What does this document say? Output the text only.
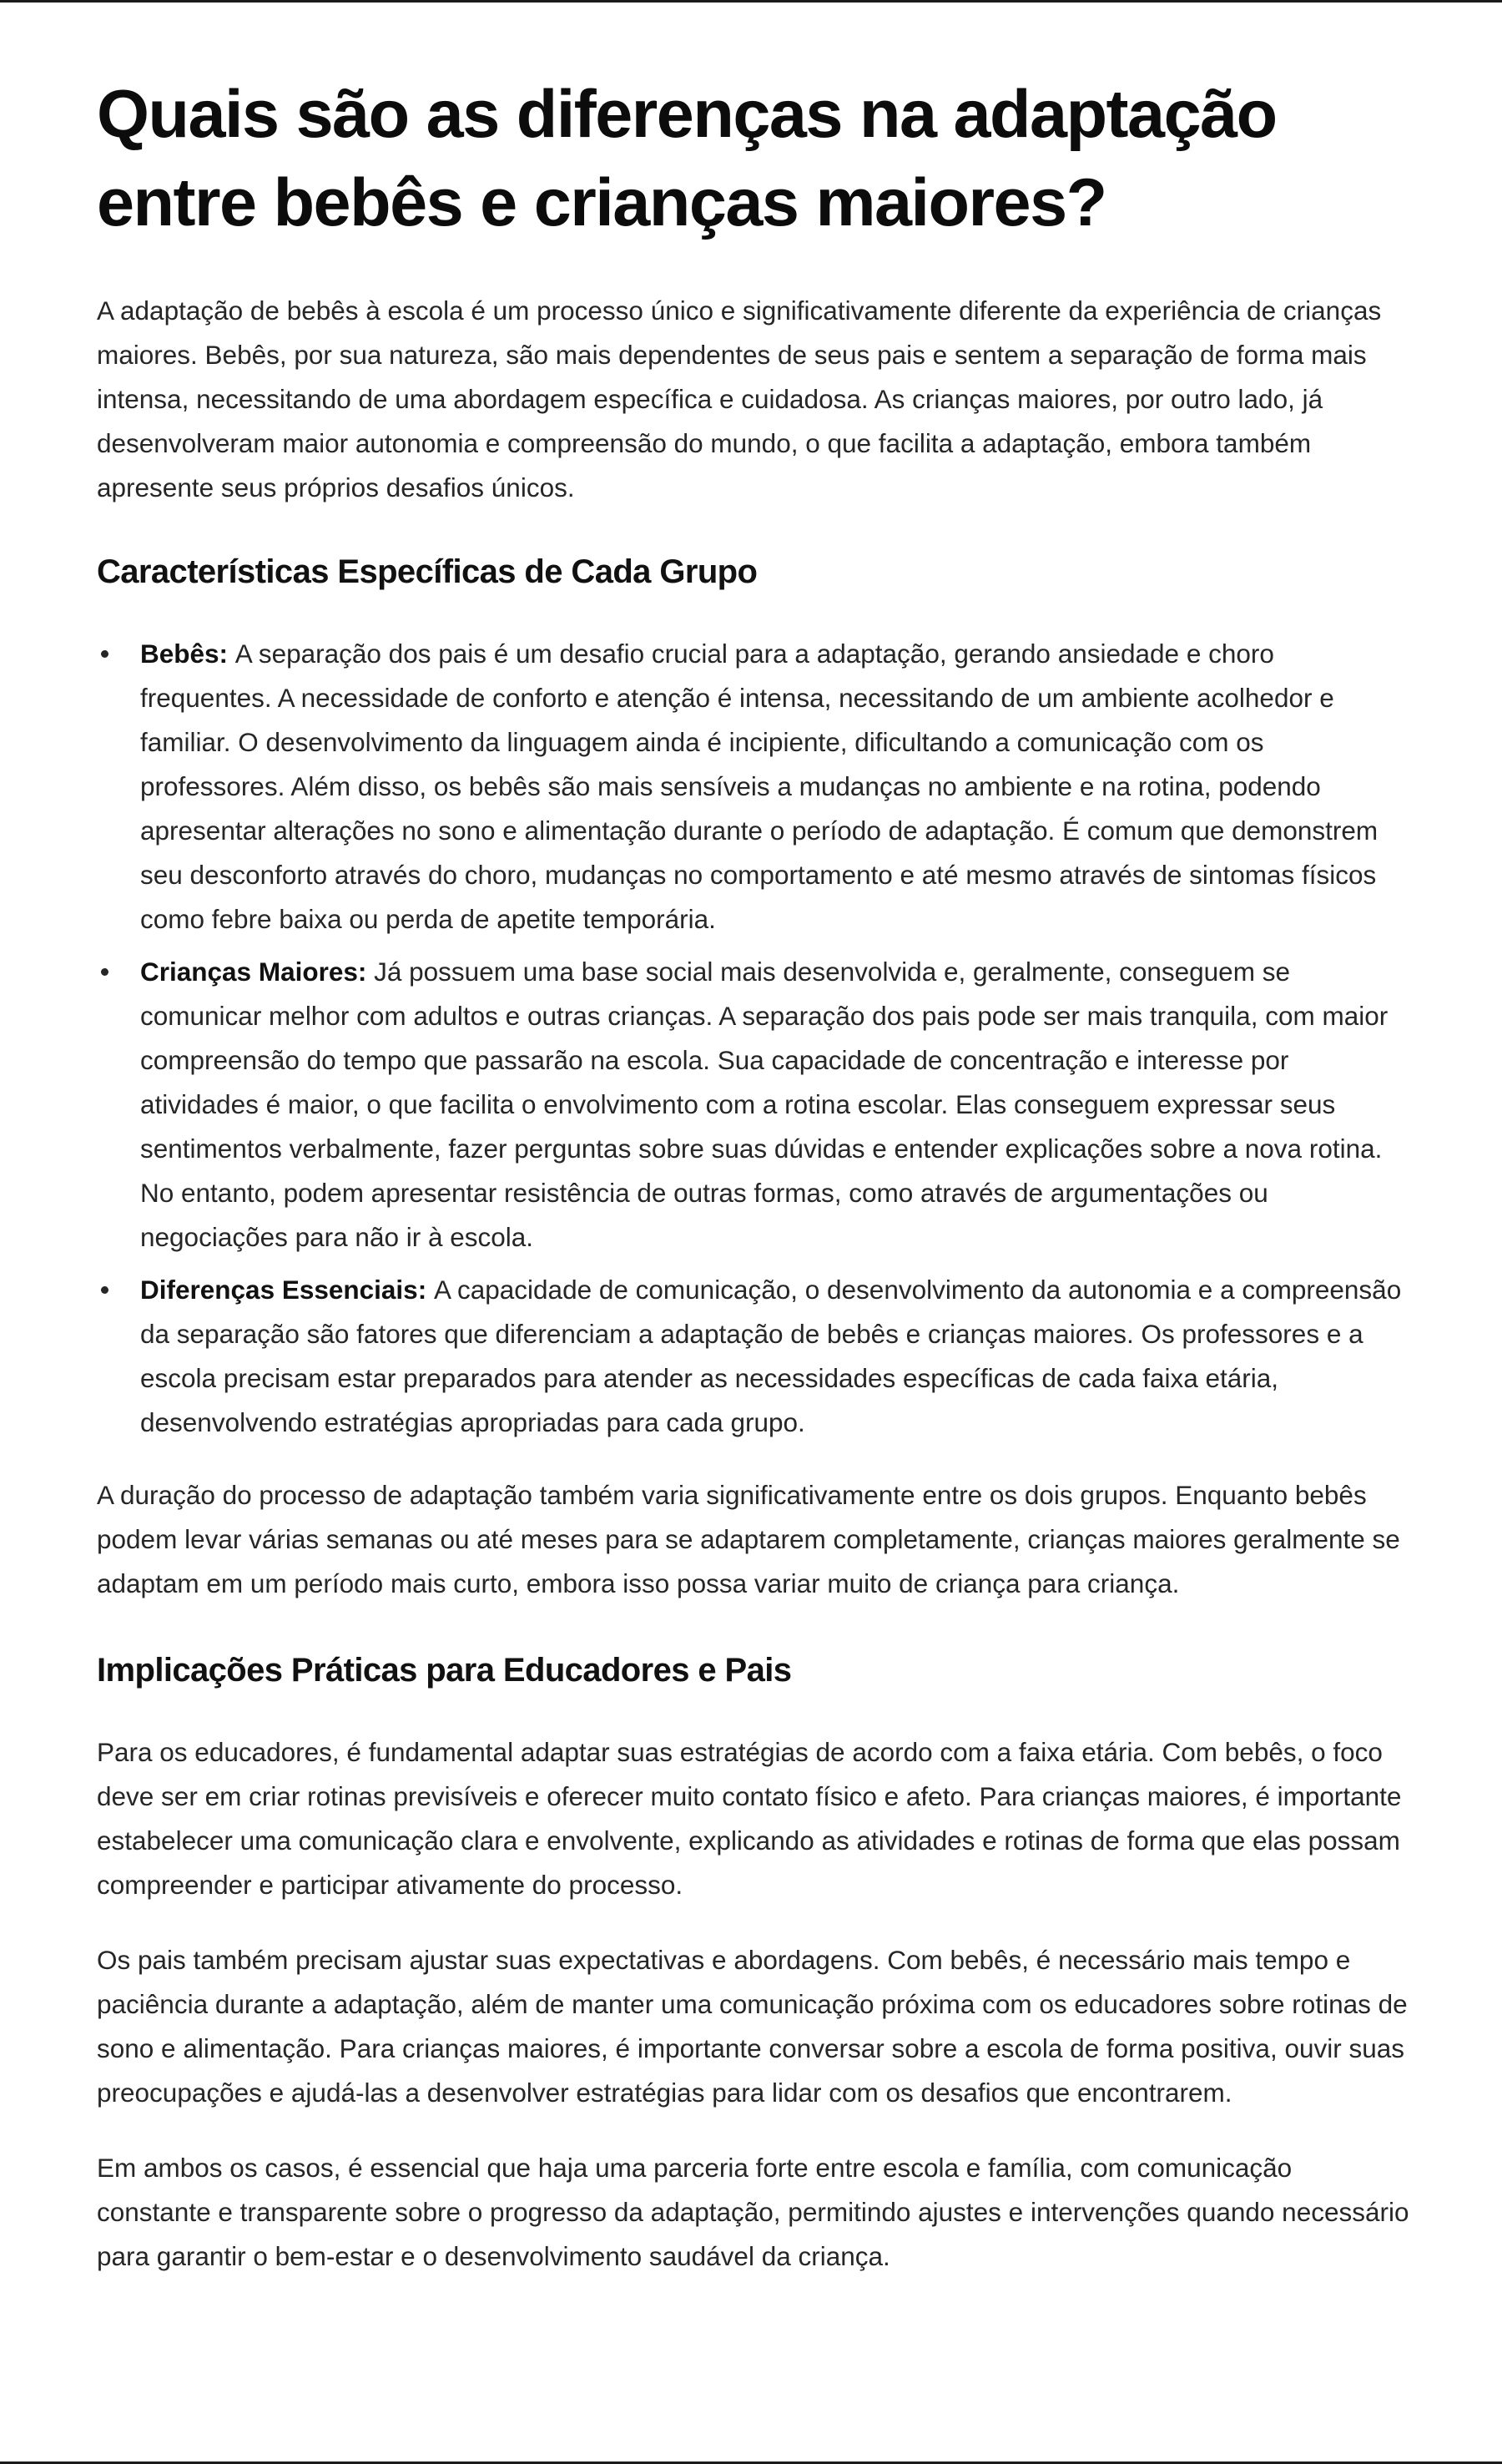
Quais são as diferenças na adaptação entre bebês e crianças maiores?

A adaptação de bebês à escola é um processo único e significativamente diferente da experiência de crianças maiores. Bebês, por sua natureza, são mais dependentes de seus pais e sentem a separação de forma mais intensa, necessitando de uma abordagem específica e cuidadosa. As crianças maiores, por outro lado, já desenvolveram maior autonomia e compreensão do mundo, o que facilita a adaptação, embora também apresente seus próprios desafios únicos.

Características Específicas de Cada Grupo
Bebês: A separação dos pais é um desafio crucial para a adaptação, gerando ansiedade e choro frequentes. A necessidade de conforto e atenção é intensa, necessitando de um ambiente acolhedor e familiar. O desenvolvimento da linguagem ainda é incipiente, dificultando a comunicação com os professores. Além disso, os bebês são mais sensíveis a mudanças no ambiente e na rotina, podendo apresentar alterações no sono e alimentação durante o período de adaptação. É comum que demonstrem seu desconforto através do choro, mudanças no comportamento e até mesmo através de sintomas físicos como febre baixa ou perda de apetite temporária.
Crianças Maiores: Já possuem uma base social mais desenvolvida e, geralmente, conseguem se comunicar melhor com adultos e outras crianças. A separação dos pais pode ser mais tranquila, com maior compreensão do tempo que passarão na escola. Sua capacidade de concentração e interesse por atividades é maior, o que facilita o envolvimento com a rotina escolar. Elas conseguem expressar seus sentimentos verbalmente, fazer perguntas sobre suas dúvidas e entender explicações sobre a nova rotina. No entanto, podem apresentar resistência de outras formas, como através de argumentações ou negociações para não ir à escola.
Diferenças Essenciais: A capacidade de comunicação, o desenvolvimento da autonomia e a compreensão da separação são fatores que diferenciam a adaptação de bebês e crianças maiores. Os professores e a escola precisam estar preparados para atender as necessidades específicas de cada faixa etária, desenvolvendo estratégias apropriadas para cada grupo.

A duração do processo de adaptação também varia significativamente entre os dois grupos. Enquanto bebês podem levar várias semanas ou até meses para se adaptarem completamente, crianças maiores geralmente se adaptam em um período mais curto, embora isso possa variar muito de criança para criança.

Implicações Práticas para Educadores e Pais

Para os educadores, é fundamental adaptar suas estratégias de acordo com a faixa etária. Com bebês, o foco deve ser em criar rotinas previsíveis e oferecer muito contato físico e afeto. Para crianças maiores, é importante estabelecer uma comunicação clara e envolvente, explicando as atividades e rotinas de forma que elas possam compreender e participar ativamente do processo.

Os pais também precisam ajustar suas expectativas e abordagens. Com bebês, é necessário mais tempo e paciência durante a adaptação, além de manter uma comunicação próxima com os educadores sobre rotinas de sono e alimentação. Para crianças maiores, é importante conversar sobre a escola de forma positiva, ouvir suas preocupações e ajudá-las a desenvolver estratégias para lidar com os desafios que encontrarem.

Em ambos os casos, é essencial que haja uma parceria forte entre escola e família, com comunicação constante e transparente sobre o progresso da adaptação, permitindo ajustes e intervenções quando necessário para garantir o bem-estar e o desenvolvimento saudável da criança.
